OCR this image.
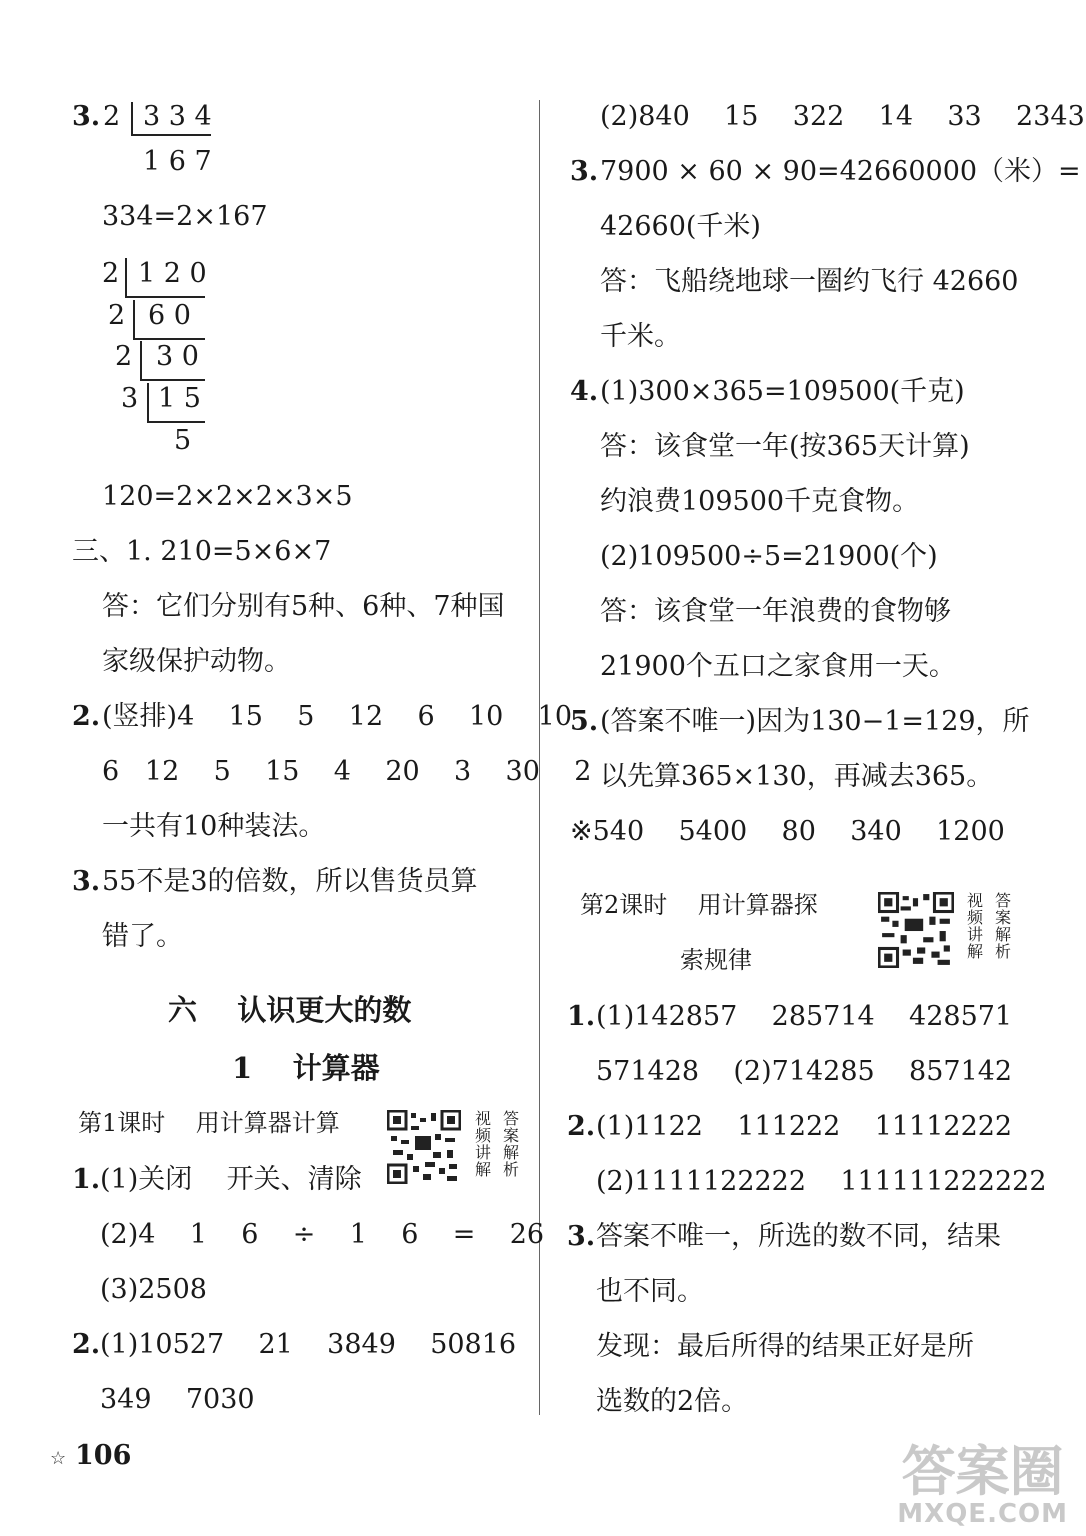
3. 2 3 3 4
1 6 7
334=2×167
2 1 2 0
2 6 0
2 3 0
3 1 5
5
120=2×2×2×3×5
三、1. 210=5×6×7
答：它们分别有5种、6种、7种国
家级保护动物。
2. (竖排)4    15    5    12    6    10    10
6   12    5    15    4    20    3    30    2
一共有10种装法。
3. 55不是3的倍数，所以售货员算
错了。
六    认识更大的数
1    计算器
第1课时    用计算器计算	视频讲解
答案解析
1. (1)关闭    开关、清除
(2)4    1    6    ÷    1    6    =    26
(3)2508
2. (1)10527    21    3849    50816
349    7030
(2)840    15    322    14    33    2343
3. 7900 × 60 × 90=42660000（米）=
42660(千米)
答：飞船绕地球一圈约飞行 42660
千米。
4. (1)300×365=109500(千克)
答：该食堂一年(按365天计算)
约浪费109500千克食物。
(2)109500÷5=21900(个)
答：该食堂一年浪费的食物够
21900个五口之家食用一天。
5. (答案不唯一)因为130−1=129，所
以先算365×130，再减去365。
※540    5400    80    340    1200
第2课时    用计算器探
索规律
视频讲解
答案解析
1. (1)142857    285714    428571
571428    (2)714285    857142
2. (1)1122    111222    11112222
(2)1111122222    111111222222
3. 答案不唯一，所选的数不同，结果
也不同。
发现：最后所得的结果正好是所
选数的2倍。
☆ 106	答案圈
MXQE.COM
